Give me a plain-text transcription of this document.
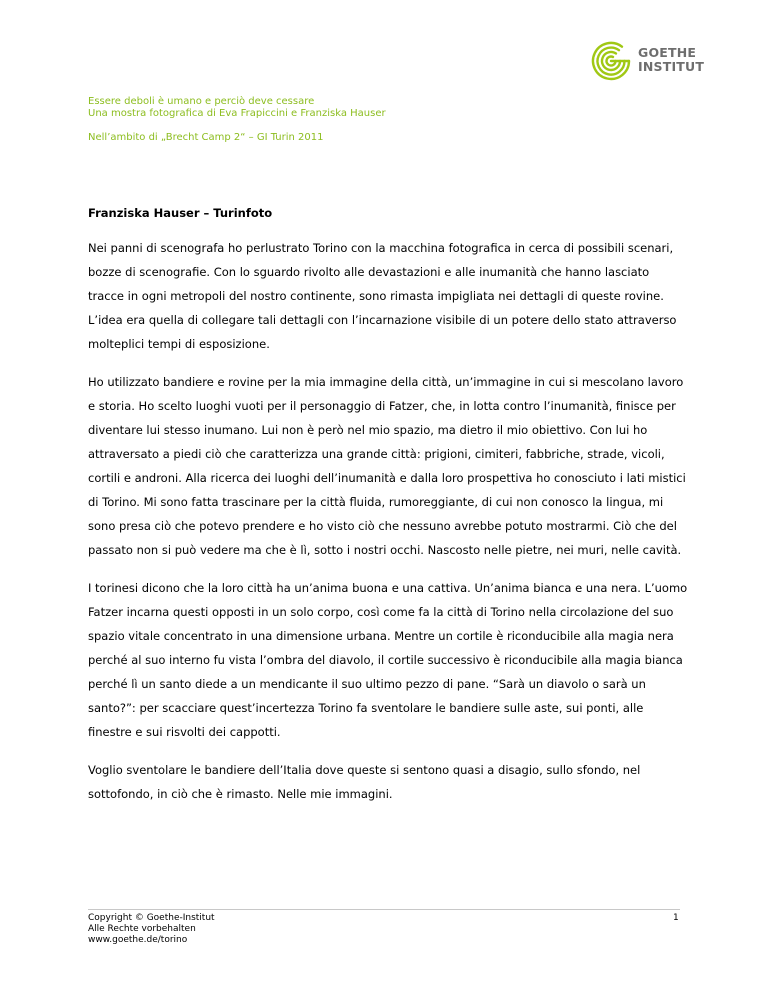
GOETHE
INSTITUT
Essere deboli è umano e perciò deve cessare
Una mostra fotografica di Eva Frapiccini e Franziska Hauser
Nell’ambito di „Brecht Camp 2“ – GI Turin 2011
Franziska Hauser – Turinfoto

Nei panni di scenografa ho perlustrato Torino con la macchina fotografica in cerca di possibili scenari, bozze di scenografie. Con lo sguardo rivolto alle devastazioni e alle inumanità che hanno lasciato tracce in ogni metropoli del nostro continente, sono rimasta impigliata nei dettagli di queste rovine. L’idea era quella di collegare tali dettagli con l’incarnazione visibile di un potere dello stato attraverso molteplici tempi di esposizione.

Ho utilizzato bandiere e rovine per la mia immagine della città, un’immagine in cui si mescolano lavoro e storia. Ho scelto luoghi vuoti per il personaggio di Fatzer, che, in lotta contro l’inumanità, finisce per diventare lui stesso inumano. Lui non è però nel mio spazio, ma dietro il mio obiettivo. Con lui ho attraversato a piedi ciò che caratterizza una grande città: prigioni, cimiteri, fabbriche, strade, vicoli, cortili e androni. Alla ricerca dei luoghi dell’inumanità e dalla loro prospettiva ho conosciuto i lati mistici di Torino. Mi sono fatta trascinare per la città fluida, rumoreggiante, di cui non conosco la lingua, mi sono presa ciò che potevo prendere e ho visto ciò che nessuno avrebbe potuto mostrarmi. Ciò che del passato non si può vedere ma che è lì, sotto i nostri occhi. Nascosto nelle pietre, nei muri, nelle cavità.

I torinesi dicono che la loro città ha un’anima buona e una cattiva. Un’anima bianca e una nera. L’uomo Fatzer incarna questi opposti in un solo corpo, così come fa la città di Torino nella circolazione del suo spazio vitale concentrato in una dimensione urbana. Mentre un cortile è riconducibile alla magia nera perché al suo interno fu vista l’ombra del diavolo, il cortile successivo è riconducibile alla magia bianca perché lì un santo diede a un mendicante il suo ultimo pezzo di pane. “Sarà un diavolo o sarà un santo?”: per scacciare quest’incertezza Torino fa sventolare le bandiere sulle aste, sui ponti, alle finestre e sui risvolti dei cappotti.

Voglio sventolare le bandiere dell’Italia dove queste si sentono quasi a disagio, sullo sfondo, nel sottofondo, in ciò che è rimasto. Nelle mie immagini.

Copyright © Goethe-Institut
Alle Rechte vorbehalten
www.goethe.de/torino
1
